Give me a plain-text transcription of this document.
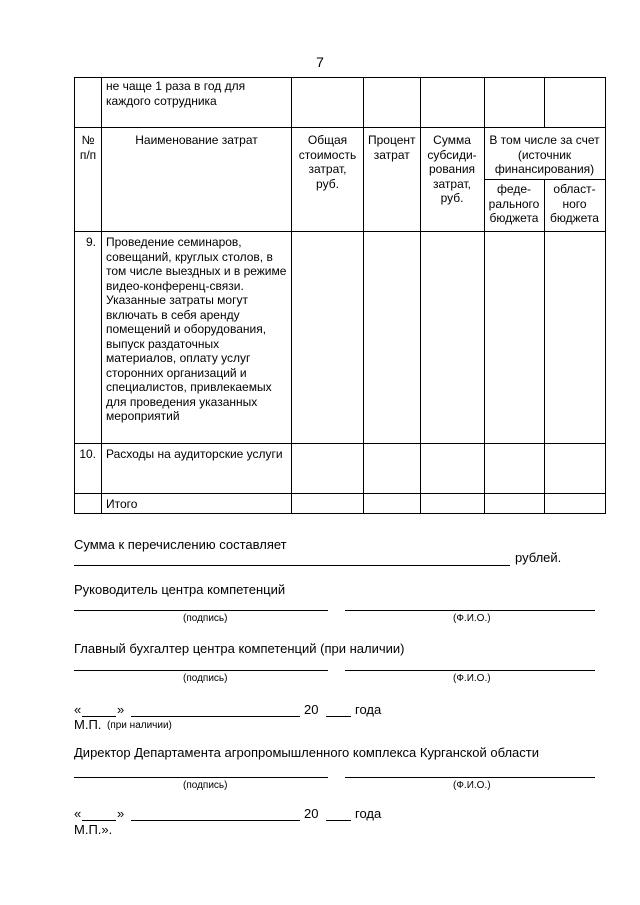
7
	не чаще 1 раза в год для каждого сотрудника					
№ п/п	Наименование затрат	Общая стоимость затрат, руб.	Процент затрат	Сумма субсиди-рования затрат, руб.	В том числе за счет (источник финансирования)	
					феде-рального бюджета	област-ного бюджета
9.	Проведение семинаров, совещаний, круглых столов, в том числе выездных и в режиме видео-конференц-связи. Указанные затраты могут включать в себя аренду помещений и оборудования, выпуск раздаточных материалов, оплату услуг сторонних организаций и специалистов, привлекаемых для проведения указанных мероприятий					
10.	Расходы на аудиторские услуги					
	Итого					
Сумма к перечислению составляет
рублей.
Руководитель центра компетенций
(подпись)	(Ф.И.О.)
Главный бухгалтер центра компетенций (при наличии)
(подпись)	(Ф.И.О.)
«	»	20	года
М.П. (при наличии)
Директор Департамента агропромышленного комплекса Курганской области
(подпись)	(Ф.И.О.)
«	»	20	года
М.П.».
